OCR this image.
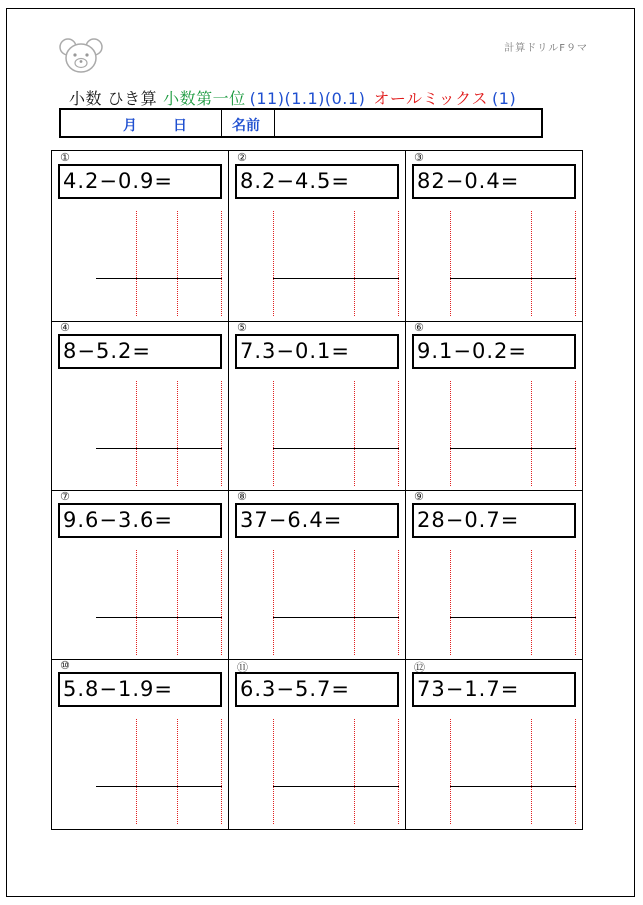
計算ドリルF９マ
小数 ひき算 小数第一位 (11)(1.1)(0.1) オールミックス (1)
月	日	名前
①
4.2−0.9=
②
8.2−4.5=
③
82−0.4=
④
8−5.2=
⑤
7.3−0.1=
⑥
9.1−0.2=
⑦
9.6−3.6=
⑧
37−6.4=
⑨
28−0.7=
⑩
5.8−1.9=
⑪
6.3−5.7=
⑫
73−1.7=
